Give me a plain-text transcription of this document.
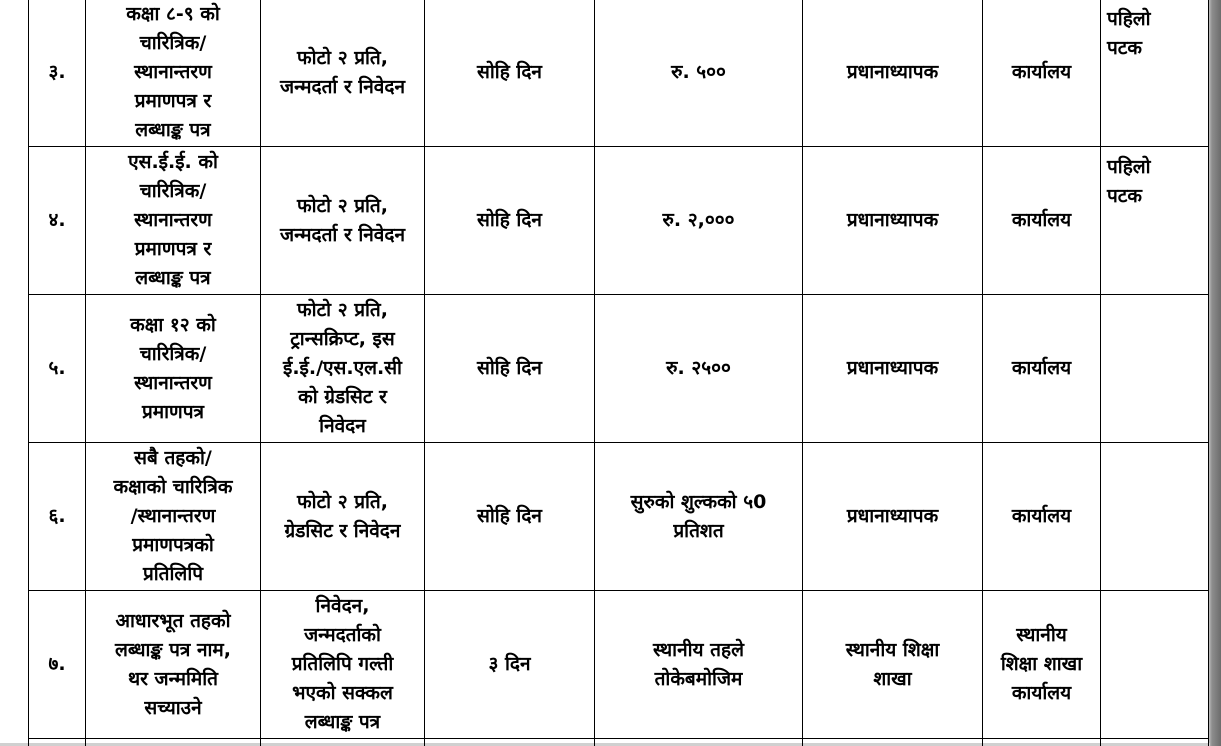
३.	कक्षा ८-९ को
चारित्रिक/
स्थानान्तरण
प्रमाणपत्र र
लब्धाङ्क पत्र	फोटो २ प्रति,
जन्मदर्ता र निवेदन	सोहि दिन	रु. ५००	प्रधानाध्यापक	कार्यालय	पहिलो
पटक
४.	एस.ई.ई. को
चारित्रिक/
स्थानान्तरण
प्रमाणपत्र र
लब्धाङ्क पत्र	फोटो २ प्रति,
जन्मदर्ता र निवेदन	सोहि दिन	रु. २,०००	प्रधानाध्यापक	कार्यालय	पहिलो
पटक
५.	कक्षा १२ को
चारित्रिक/
स्थानान्तरण
प्रमाणपत्र	फोटो २ प्रति,
ट्रान्सक्रिप्ट, इस
ई.ई./एस.एल.सी
को ग्रेडसिट र
निवेदन	सोहि दिन	रु. २५००	प्रधानाध्यापक	कार्यालय	
६.	सबै तहको/
कक्षाको चारित्रिक
/स्थानान्तरण
प्रमाणपत्रको
प्रतिलिपि	फोटो २ प्रति,
ग्रेडसिट र निवेदन	सोहि दिन	सुरुको शुल्कको ५0
प्रतिशत	प्रधानाध्यापक	कार्यालय	
७.	आधारभूत तहको
लब्धाङ्क पत्र नाम,
थर जन्ममिति
सच्याउने	निवेदन,
जन्मदर्ताको
प्रतिलिपि गल्ती
भएको सक्कल
लब्धाङ्क पत्र	३ दिन	स्थानीय तहले
तोकेबमोजिम	स्थानीय शिक्षा
शाखा	स्थानीय
शिक्षा शाखा
कार्यालय	
